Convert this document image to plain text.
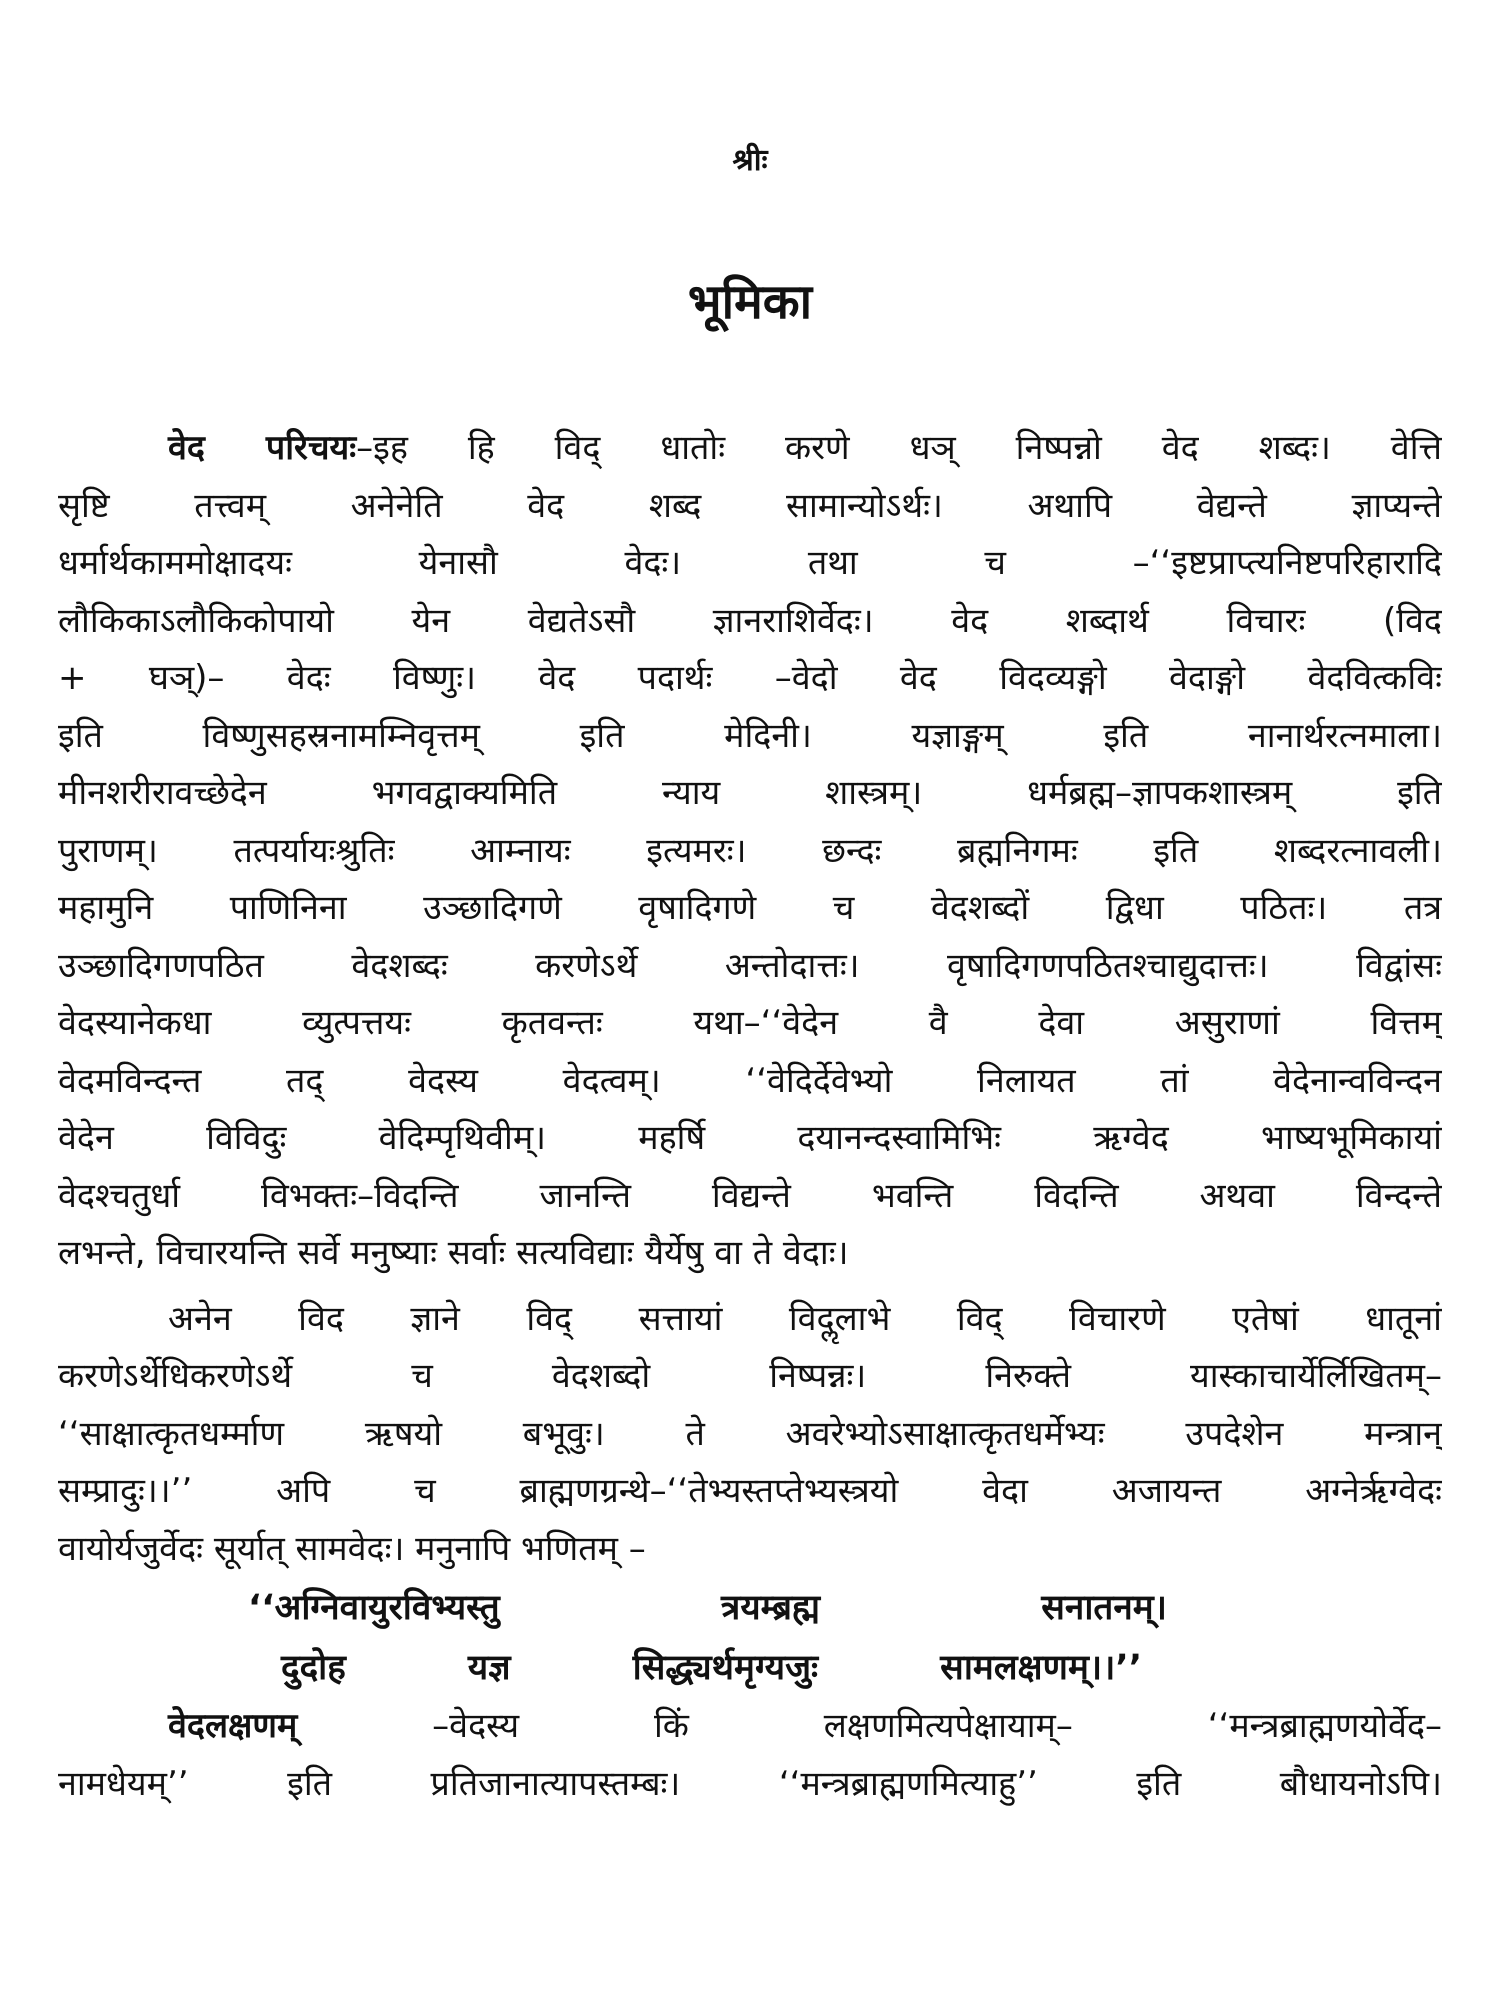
श्रीः
भूमिका
वेद परिचयः–इह हि विद् धातोः करणे धञ् निष्पन्नो वेद शब्दः। वेत्ति
सृष्टि तत्त्वम् अनेनेति वेद शब्द सामान्योऽर्थः। अथापि वेद्यन्ते ज्ञाप्यन्ते
धर्मार्थकाममोक्षादयः येनासौ वेदः। तथा च –‘‘इष्टप्राप्त्यनिष्टपरिहारादि
लौकिकाऽलौकिकोपायो येन वेद्यतेऽसौ ज्ञानराशिर्वेदः। वेद शब्दार्थ विचारः (विद
+ घञ्)– वेदः विष्णुः। वेद पदार्थः –वेदो वेद विदव्यङ्गो वेदाङ्गो वेदवित्कविः
इति विष्णुसहस्रनामम्निवृत्तम् इति मेदिनी। यज्ञाङ्गम् इति नानार्थरत्नमाला।
मीनशरीरावच्छेदेन भगवद्वाक्यमिति न्याय शास्त्रम्। धर्मब्रह्म–ज्ञापकशास्त्रम् इति
पुराणम्। तत्पर्यायःश्रुतिः आम्नायः इत्यमरः। छन्दः ब्रह्मनिगमः इति शब्दरत्नावली।
महामुनि पाणिनिना उञ्छादिगणे वृषादिगणे च वेदशब्दों द्विधा पठितः। तत्र
उञ्छादिगणपठित वेदशब्दः करणेऽर्थे अन्तोदात्तः। वृषादिगणपठितश्चाद्युदात्तः। विद्वांसः
वेदस्यानेकधा व्युत्पत्तयः कृतवन्तः यथा–‘‘वेदेन वै देवा असुराणां वित्तम्
वेदमविन्दन्त तद् वेदस्य वेदत्वम्। ‘‘वेदिर्देवेभ्यो निलायत तां वेदेनान्वविन्दन
वेदेन विविदुः वेदिम्पृथिवीम्। महर्षि दयानन्दस्वामिभिः ऋग्वेद भाष्यभूमिकायां
वेदश्चतुर्धा विभक्तः–विदन्ति जानन्ति विद्यन्ते भवन्ति विदन्ति अथवा विन्दन्ते
लभन्ते, विचारयन्ति सर्वे मनुष्याः सर्वाः सत्यविद्याः यैर्येषु वा ते वेदाः।
अनेन विद ज्ञाने विद् सत्तायां विदॢलाभे विद् विचारणे एतेषां धातूनां
करणेऽर्थेधिकरणेऽर्थे च वेदशब्दो निष्पन्नः। निरुक्ते यास्काचार्येर्लिखितम्–
‘‘साक्षात्कृतधर्म्माण ऋषयो बभूवुः। ते अवरेभ्योऽसाक्षात्कृतधर्मेभ्यः उपदेशेन मन्त्रान्
सम्प्रादुः।।’’ अपि च ब्राह्मणग्रन्थे–‘‘तेभ्यस्तप्तेभ्यस्त्रयो वेदा अजायन्त अग्नेर्ऋग्वेदः
वायोर्यजुर्वेदः सूर्यात् सामवेदः। मनुनापि भणितम् –
‘‘अग्निवायुरविभ्यस्तु त्रयम्ब्रह्म सनातनम्।
दुदोह यज्ञ सिद्ध्यर्थमृग्यजुः सामलक्षणम्।।’’
वेदलक्षणम् –वेदस्य किं लक्षणमित्यपेक्षायाम्– ‘‘मन्त्रब्राह्मणयोर्वेद–
नामधेयम्’’ इति प्रतिजानात्यापस्तम्बः। ‘‘मन्त्रब्राह्मणमित्याहु’’ इति बौधायनोऽपि।
